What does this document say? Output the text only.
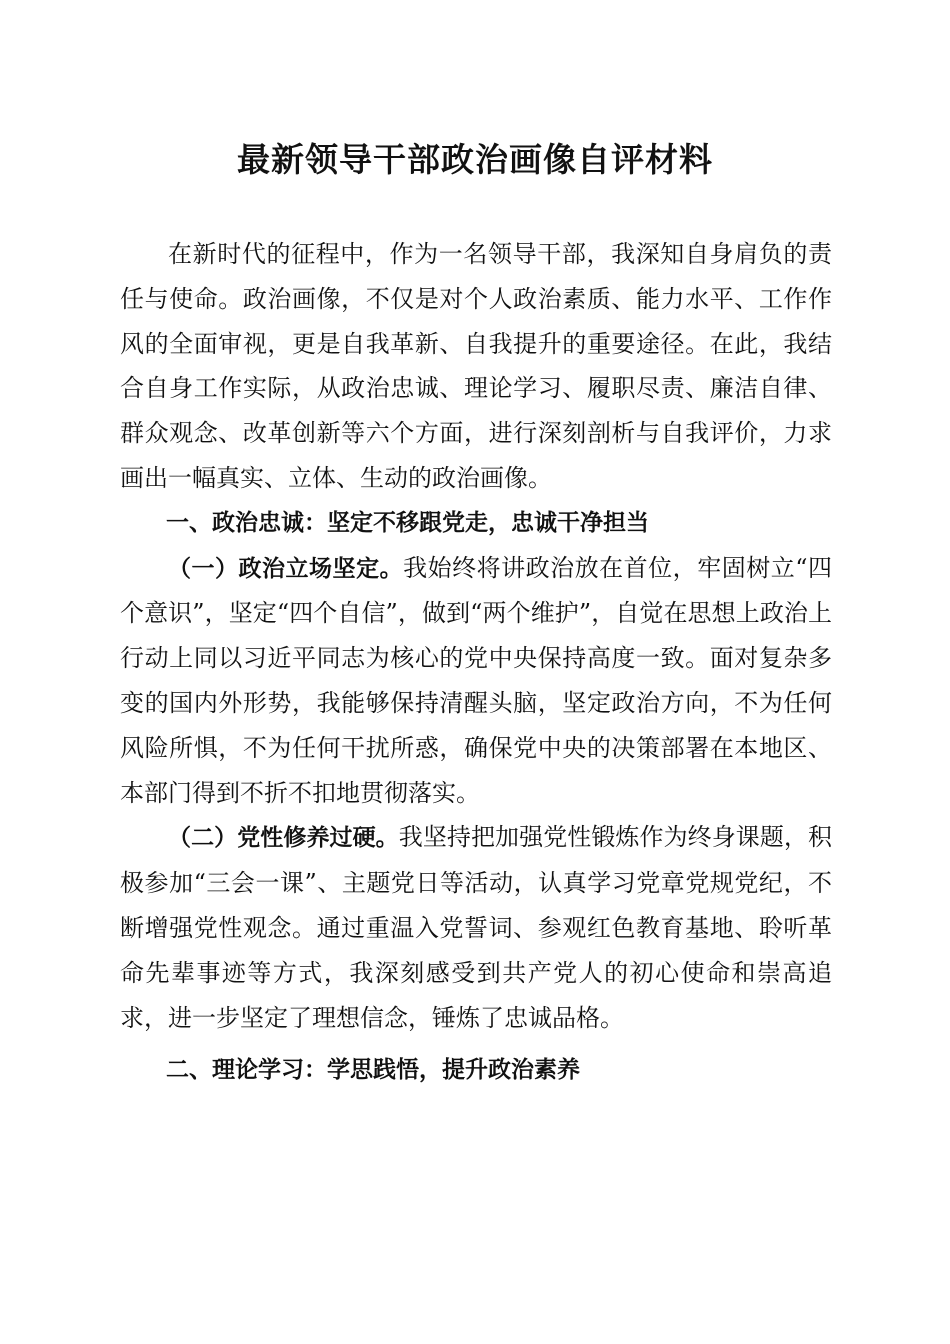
最新领导干部政治画像自评材料

在新时代的征程中，作为一名领导干部，我深知自身肩负的责任与使命。政治画像，不仅是对个人政治素质、能力水平、工作作风的全面审视，更是自我革新、自我提升的重要途径。在此，我结合自身工作实际，从政治忠诚、理论学习、履职尽责、廉洁自律、群众观念、改革创新等六个方面，进行深刻剖析与自我评价，力求画出一幅真实、立体、生动的政治画像。

一、政治忠诚：坚定不移跟党走，忠诚干净担当

（一）政治立场坚定。我始终将讲政治放在首位，牢固树立“四个意识”，坚定“四个自信”，做到“两个维护”，自觉在思想上政治上行动上同以习近平同志为核心的党中央保持高度一致。面对复杂多变的国内外形势，我能够保持清醒头脑，坚定政治方向，不为任何风险所惧，不为任何干扰所惑，确保党中央的决策部署在本地区、本部门得到不折不扣地贯彻落实。

（二）党性修养过硬。我坚持把加强党性锻炼作为终身课题，积极参加“三会一课”、主题党日等活动，认真学习党章党规党纪，不断增强党性观念。通过重温入党誓词、参观红色教育基地、聆听革命先辈事迹等方式，我深刻感受到共产党人的初心使命和崇高追求，进一步坚定了理想信念，锤炼了忠诚品格。

二、理论学习：学思践悟，提升政治素养
